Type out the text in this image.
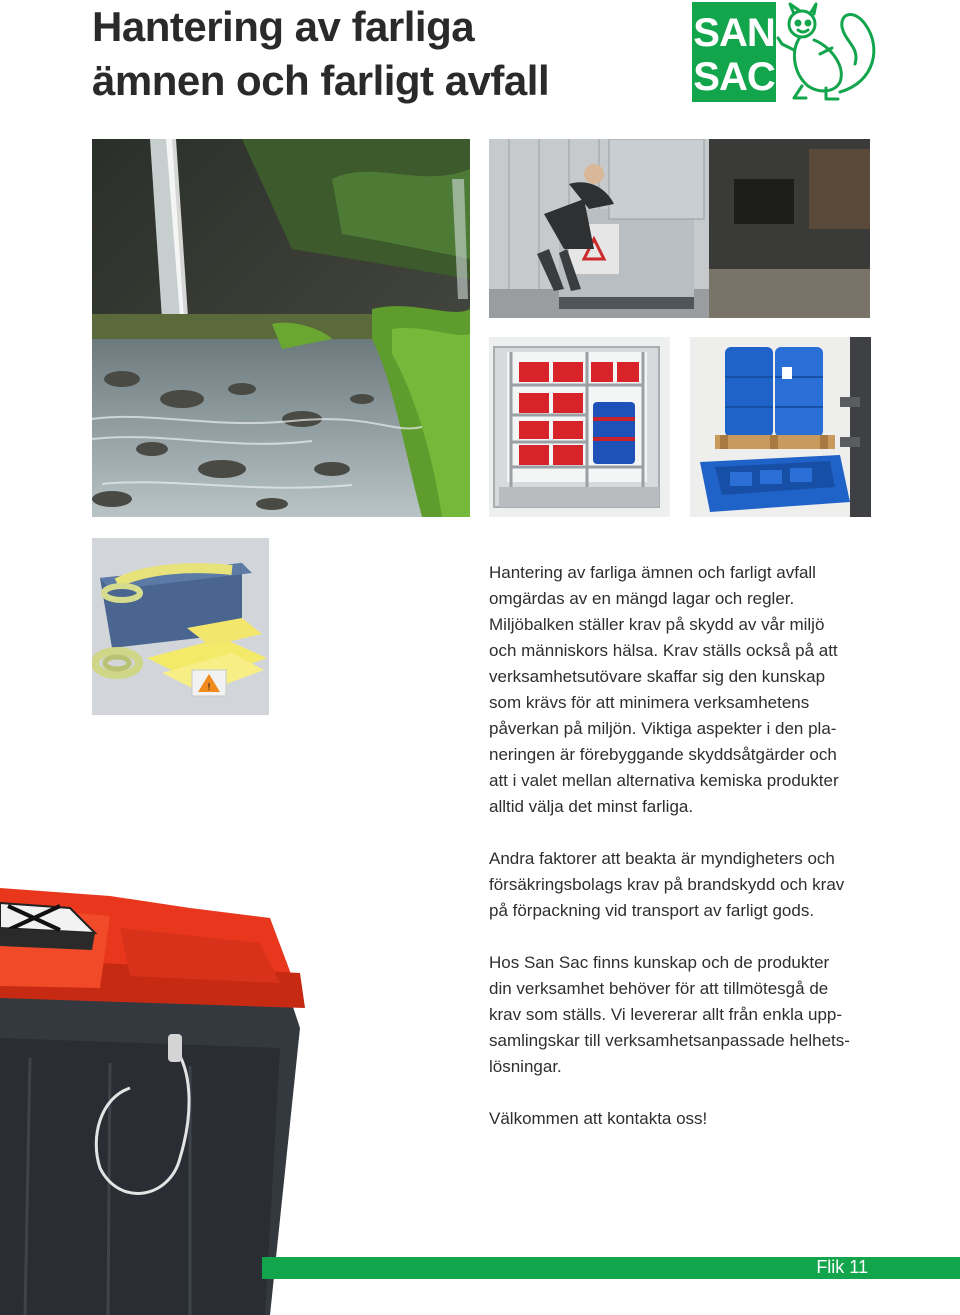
Hantering av farliga
ämnen och farligt avfall
SAN
SAC
!

Hantering av farliga ämnen och farligt avfall
omgärdas av en mängd lagar och regler.
Miljöbalken ställer krav på skydd av vår miljö
och människors hälsa. Krav ställs också på att
verksamhetsutövare skaffar sig den kunskap
som krävs för att minimera verksamhetens
påverkan på miljön. Viktiga aspekter i den pla-
neringen är förebyggande skyddsåtgärder och
att i valet mellan alternativa kemiska produkter
alltid välja det minst farliga.

Andra faktorer att beakta är myndigheters och
försäkringsbolags krav på brandskydd och krav
på förpackning vid transport av farligt gods.

Hos San Sac finns kunskap och de produkter
din verksamhet behöver för att tillmötesgå de
krav som ställs. Vi levererar allt från enkla upp-
samlingskar till verksamhetsanpassade helhets-
lösningar.

Välkommen att kontakta oss!

Flik 11
